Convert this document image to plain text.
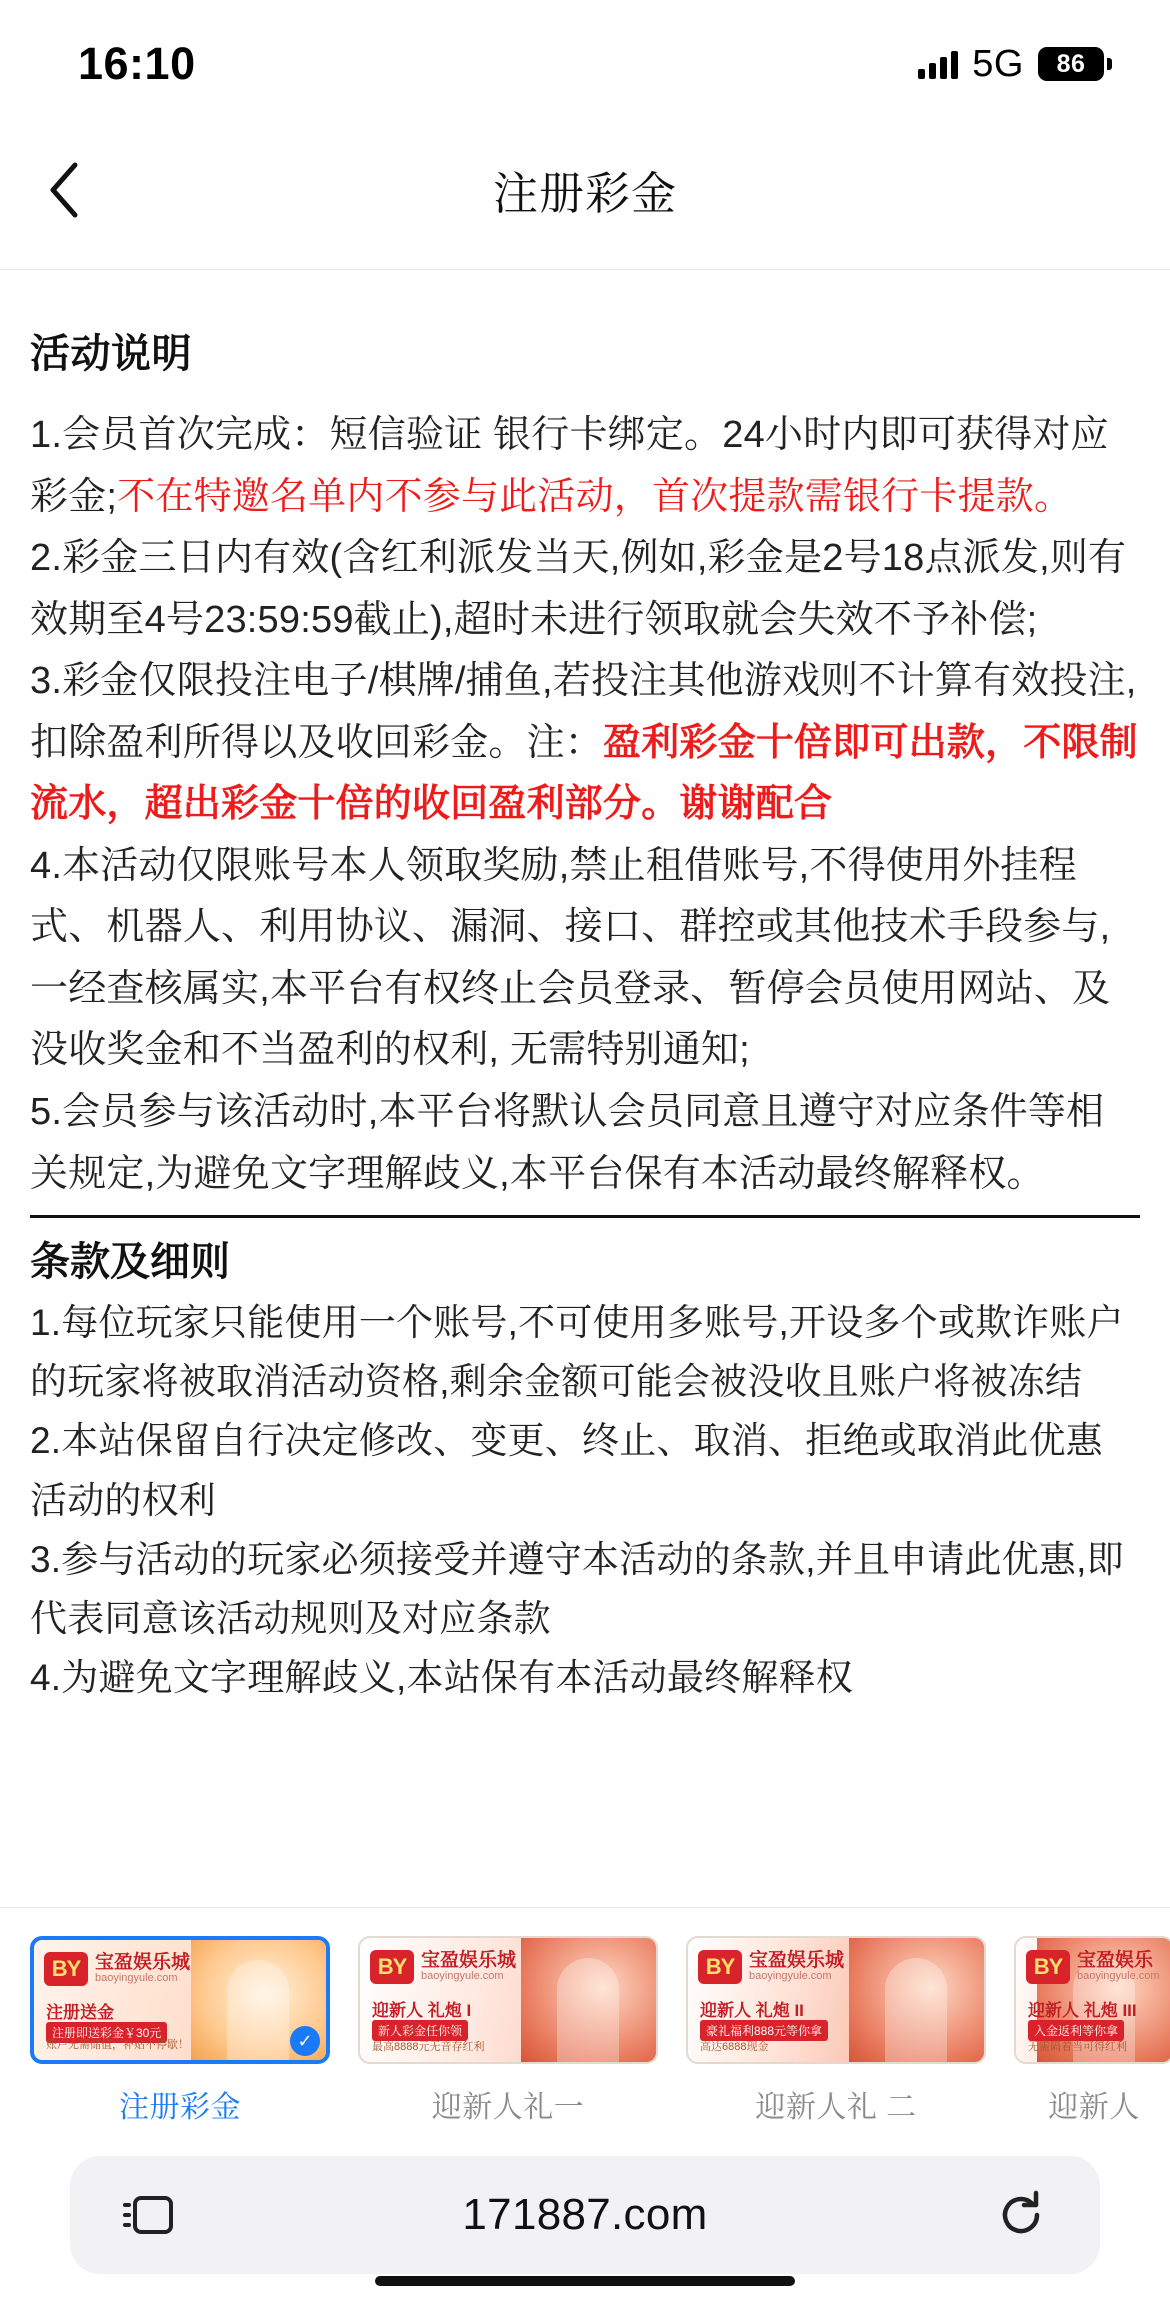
16:10	5G 86
注册彩金
活动说明
1.会员首次完成：短信验证 银行卡绑定。24小时内即可获得对应彩金;不在特邀名单内不参与此活动，首次提款需银行卡提款。
2.彩金三日内有效(含红利派发当天,例如,彩金是2号18点派发,则有效期至4号23:59:59截止),超时未进行领取就会失效不予补偿;
3.彩金仅限投注电子/棋牌/捕鱼,若投注其他游戏则不计算有效投注,扣除盈利所得以及收回彩金。注：盈利彩金十倍即可出款，不限制流水，超出彩金十倍的收回盈利部分。谢谢配合
4.本活动仅限账号本人领取奖励,禁止租借账号,不得使用外挂程式、机器人、利用协议、漏洞、接口、群控或其他技术手段参与,一经查核属实,本平台有权终止会员登录、暂停会员使用网站、及没收奖金和不当盈利的权利, 无需特别通知;
5.会员参与该活动时,本平台将默认会员同意且遵守对应条件等相关规定,为避免文字理解歧义,本平台保有本活动最终解释权。
条款及细则
1.每位玩家只能使用一个账号,不可使用多账号,开设多个或欺诈账户的玩家将被取消活动资格,剩余金额可能会被没收且账户将被冻结
2.本站保留自行决定修改、变更、终止、取消、拒绝或取消此优惠活动的权利
3.参与活动的玩家必须接受并遵守本活动的条款,并且申请此优惠,即代表同意该活动规则及对应条款
4.为避免文字理解歧义,本站保有本活动最终解释权
BY 宝盈娱乐城
baoyingyule.com
注册送金
注册即送彩金￥30元
账户无需储值，补贴不停歇！	✓
注册彩金
BY 宝盈娱乐城
baoyingyule.com
迎新人 礼炮 I
新人彩金任你领
最高8888元无音存红利
迎新人礼一
BY 宝盈娱乐城
baoyingyule.com
迎新人 礼炮 II
豪礼福利888元等你拿
高达6888现金
迎新人礼 二
BY 宝盈娱乐
baoyingyule.com
迎新人 礼炮 III
入金返利等你拿
无需隔着当可得红利
迎新人
171887.com
